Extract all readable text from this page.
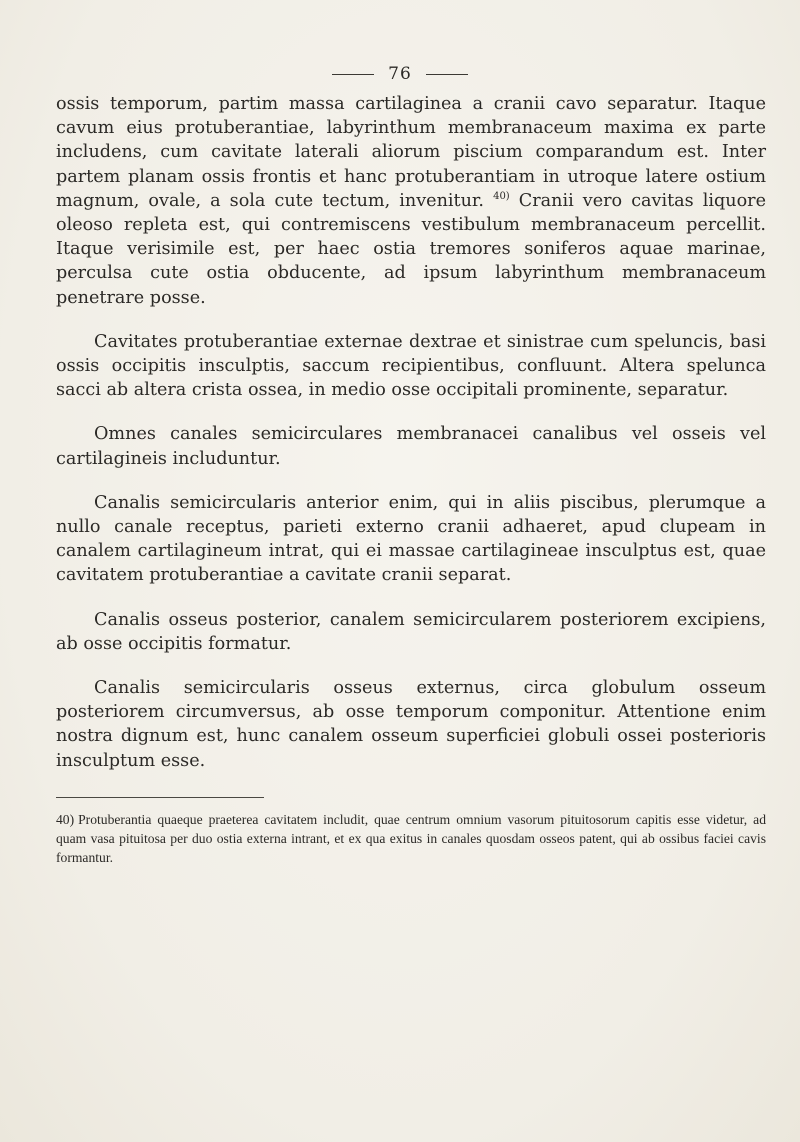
76

ossis temporum, partim massa cartilaginea a cranii cavo separatur. Itaque cavum eius protuberantiae, labyrinthum membranaceum maxima ex parte includens, cum cavitate laterali aliorum piscium comparandum est. Inter partem planam ossis frontis et hanc protuberantiam in utroque latere ostium magnum, ovale, a sola cute tectum, invenitur. $^{40)}$ Cranii vero cavitas liquore oleoso repleta est, qui contremiscens vestibulum membranaceum percellit. Itaque verisimile est, per haec ostia tremores soniferos aquae marinae, perculsa cute ostia obducente, ad ipsum labyrinthum membranaceum penetrare posse.

Cavitates protuberantiae externae dextrae et sinistrae cum speluncis, basi ossis occipitis insculptis, saccum recipientibus, confluunt. Altera spelunca sacci ab altera crista ossea, in medio osse occipitali prominente, separatur.

Omnes canales semicirculares membranacei canalibus vel osseis vel cartilagineis includuntur.

Canalis semicircularis anterior enim, qui in aliis piscibus, plerumque a nullo canale receptus, parieti externo cranii adhaeret, apud clupeam in canalem cartilagineum intrat, qui ei massae cartilagineae insculptus est, quae cavitatem protuberantiae a cavitate cranii separat.

Canalis osseus posterior, canalem semicircularem posteriorem excipiens, ab osse occipitis formatur.

Canalis semicircularis osseus externus, circa globulum osseum posteriorem circumversus, ab osse temporum componitur. Attentione enim nostra dignum est, hunc canalem osseum superficiei globuli ossei posterioris insculptum esse.

40) Protuberantia quaeque praeterea cavitatem includit, quae centrum omnium vasorum pituitosorum capitis esse videtur, ad quam vasa pituitosa per duo ostia externa intrant, et ex qua exitus in canales quosdam osseos patent, qui ab ossibus faciei cavis formantur.
